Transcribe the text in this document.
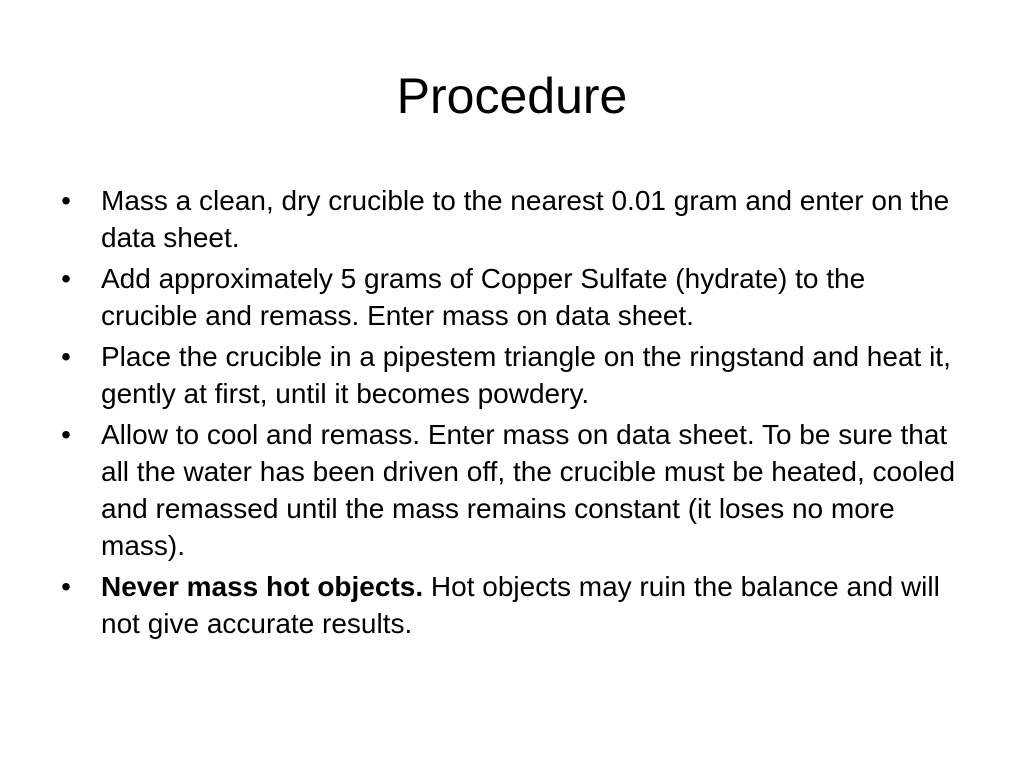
Procedure
• Mass a clean, dry crucible to the nearest 0.01 gram and enter on the data sheet.
• Add approximately 5 grams of Copper Sulfate (hydrate) to the crucible and remass. Enter mass on data sheet.
• Place the crucible in a pipestem triangle on the ringstand and heat it, gently at first, until it becomes powdery.
• Allow to cool and remass. Enter mass on data sheet. To be sure that all the water has been driven off, the crucible must be heated, cooled and remassed until the mass remains constant (it loses no more mass).
• Never mass hot objects. Hot objects may ruin the balance and will not give accurate results.
